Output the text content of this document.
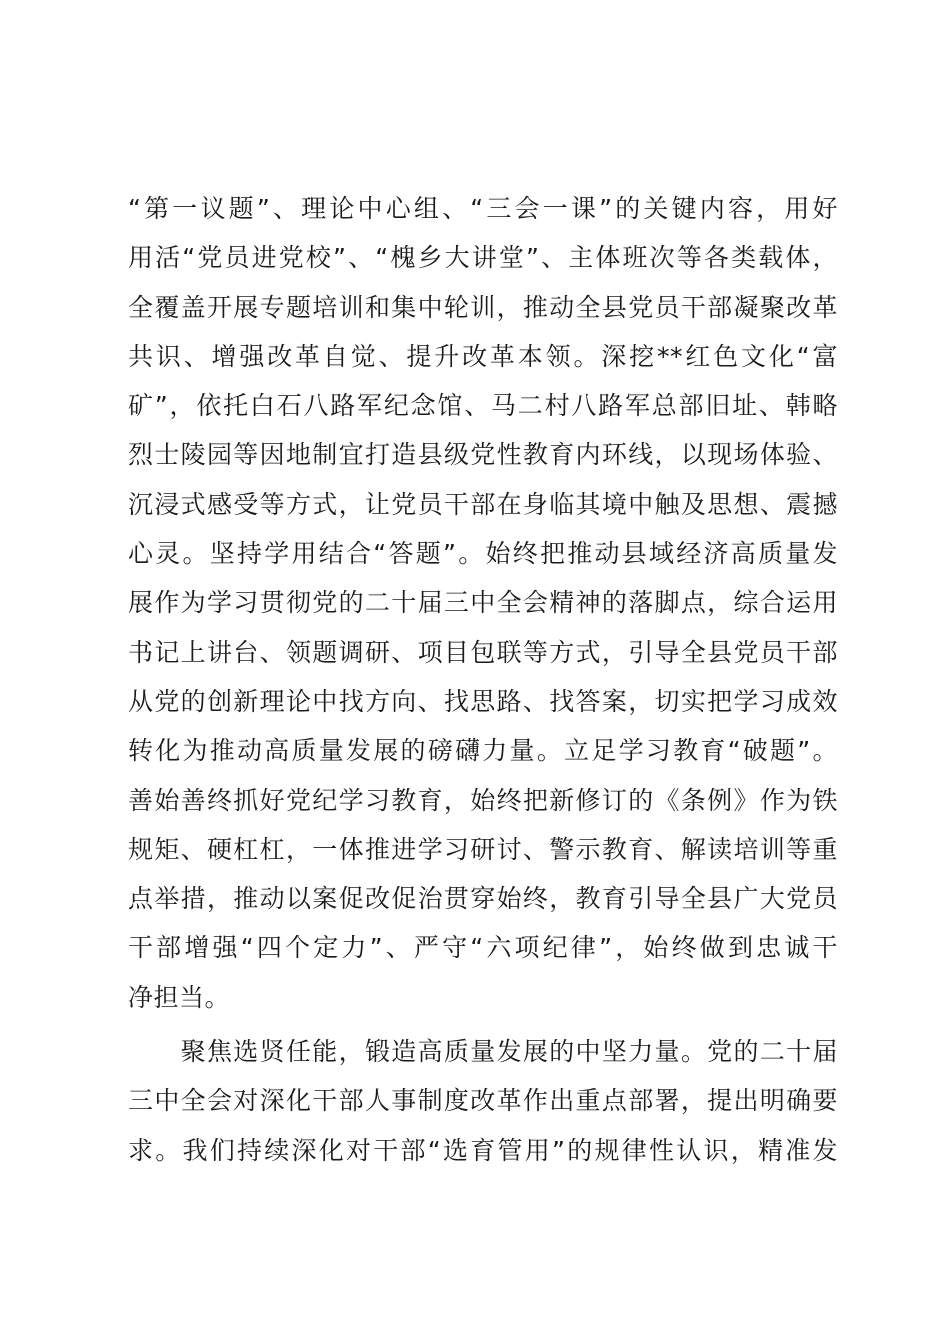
“第一议题”、理论中心组、“三会一课”的关键内容，用好
用活“党员进党校”、“槐乡大讲堂”、主体班次等各类载体，
全覆盖开展专题培训和集中轮训，推动全县党员干部凝聚改革
共识、增强改革自觉、提升改革本领。深挖**红色文化“富
矿”，依托白石八路军纪念馆、马二村八路军总部旧址、韩略
烈士陵园等因地制宜打造县级党性教育内环线，以现场体验、
沉浸式感受等方式，让党员干部在身临其境中触及思想、震撼
心灵。坚持学用结合“答题”。始终把推动县域经济高质量发
展作为学习贯彻党的二十届三中全会精神的落脚点，综合运用
书记上讲台、领题调研、项目包联等方式，引导全县党员干部
从党的创新理论中找方向、找思路、找答案，切实把学习成效
转化为推动高质量发展的磅礴力量。立足学习教育“破题”。
善始善终抓好党纪学习教育，始终把新修订的《条例》作为铁
规矩、硬杠杠，一体推进学习研讨、警示教育、解读培训等重
点举措，推动以案促改促治贯穿始终，教育引导全县广大党员
干部增强“四个定力”、严守“六项纪律”，始终做到忠诚干
净担当。
　　聚焦选贤任能，锻造高质量发展的中坚力量。党的二十届
三中全会对深化干部人事制度改革作出重点部署，提出明确要
求。我们持续深化对干部“选育管用”的规律性认识，精准发
